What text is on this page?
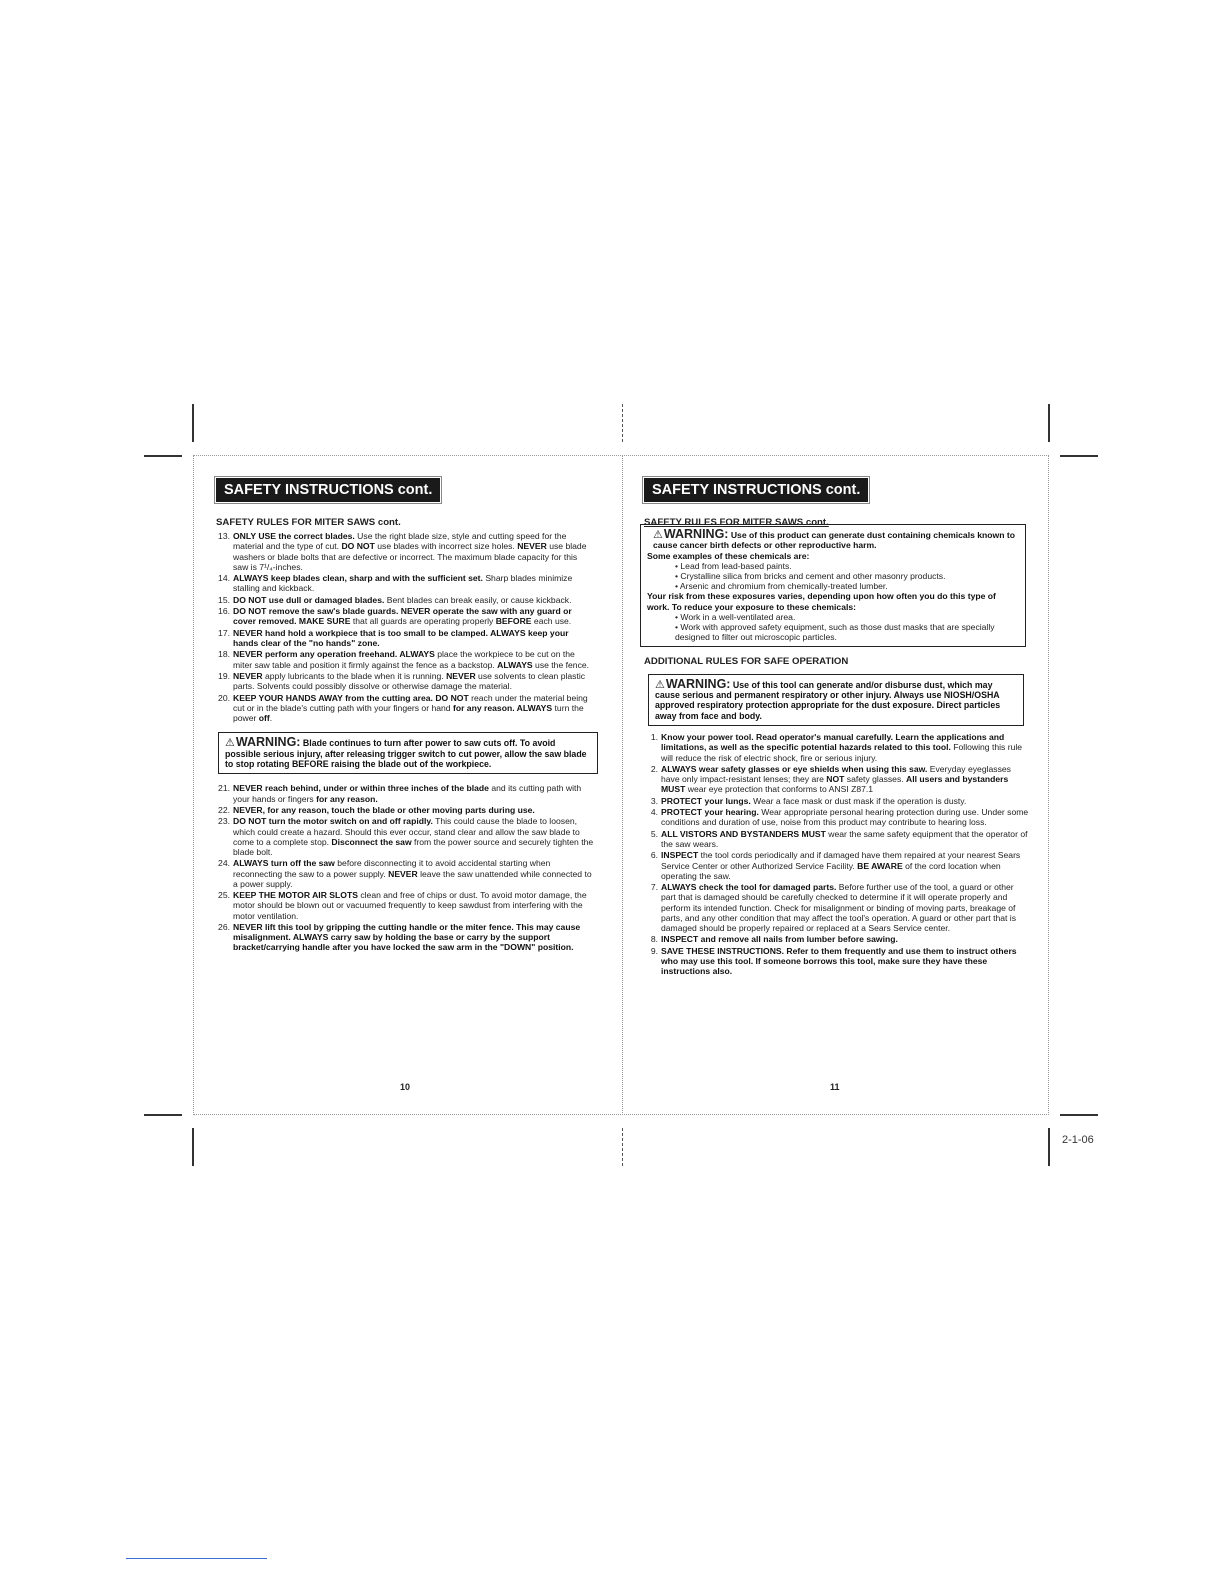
SAFETY INSTRUCTIONS cont.
SAFETY RULES FOR MITER SAWS cont.
13. ONLY USE the correct blades. Use the right blade size, style and cutting speed for the material and the type of cut. DO NOT use blades with incorrect size holes. NEVER use blade washers or blade bolts that are defective or incorrect. The maximum blade capacity for this saw is 7¹/₄-inches.
14. ALWAYS keep blades clean, sharp and with the sufficient set. Sharp blades minimize stalling and kickback.
15. DO NOT use dull or damaged blades. Bent blades can break easily, or cause kickback.
16. DO NOT remove the saw's blade guards. NEVER operate the saw with any guard or cover removed. MAKE SURE that all guards are operating properly BEFORE each use.
17. NEVER hand hold a workpiece that is too small to be clamped. ALWAYS keep your hands clear of the "no hands" zone.
18. NEVER perform any operation freehand. ALWAYS place the workpiece to be cut on the miter saw table and position it firmly against the fence as a backstop. ALWAYS use the fence.
19. NEVER apply lubricants to the blade when it is running. NEVER use solvents to clean plastic parts. Solvents could possibly dissolve or otherwise damage the material.
20. KEEP YOUR HANDS AWAY from the cutting area. DO NOT reach under the material being cut or in the blade's cutting path with your fingers or hand for any reason. ALWAYS turn the power off.
⚠WARNING: Blade continues to turn after power to saw cuts off. To avoid possible serious injury, after releasing trigger switch to cut power, allow the saw blade to stop rotating BEFORE raising the blade out of the workpiece.
21. NEVER reach behind, under or within three inches of the blade and its cutting path with your hands or fingers for any reason.
22. NEVER, for any reason, touch the blade or other moving parts during use.
23. DO NOT turn the motor switch on and off rapidly. This could cause the blade to loosen, which could create a hazard. Should this ever occur, stand clear and allow the saw blade to come to a complete stop. Disconnect the saw from the power source and securely tighten the blade bolt.
24. ALWAYS turn off the saw before disconnecting it to avoid accidental starting when reconnecting the saw to a power supply. NEVER leave the saw unattended while connected to a power supply.
25. KEEP THE MOTOR AIR SLOTS clean and free of chips or dust. To avoid motor damage, the motor should be blown out or vacuumed frequently to keep sawdust from interfering with the motor ventilation.
26. NEVER lift this tool by gripping the cutting handle or the miter fence. This may cause misalignment. ALWAYS carry saw by holding the base or carry by the support bracket/carrying handle after you have locked the saw arm in the "DOWN" position.
10
SAFETY INSTRUCTIONS cont.
SAFETY RULES FOR MITER SAWS cont.
⚠WARNING: Use of this product can generate dust containing chemicals known to cause cancer birth defects or other reproductive harm.
Some examples of these chemicals are:
• Lead from lead-based paints.
• Crystalline silica from bricks and cement and other masonry products.
• Arsenic and chromium from chemically-treated lumber.
Your risk from these exposures varies, depending upon how often you do this type of work. To reduce your exposure to these chemicals:
• Work in a well-ventilated area.
• Work with approved safety equipment, such as those dust masks that are specially designed to filter out microscopic particles.
ADDITIONAL RULES FOR SAFE OPERATION
⚠WARNING: Use of this tool can generate and/or disburse dust, which may cause serious and permanent respiratory or other injury. Always use NIOSH/OSHA approved respiratory protection appropriate for the dust exposure. Direct particles away from face and body.
1. Know your power tool. Read operator's manual carefully. Learn the applications and limitations, as well as the specific potential hazards related to this tool. Following this rule will reduce the risk of electric shock, fire or serious injury.
2. ALWAYS wear safety glasses or eye shields when using this saw. Everyday eyeglasses have only impact-resistant lenses; they are NOT safety glasses. All users and bystanders MUST wear eye protection that conforms to ANSI Z87.1
3. PROTECT your lungs. Wear a face mask or dust mask if the operation is dusty.
4. PROTECT your hearing. Wear appropriate personal hearing protection during use. Under some conditions and duration of use, noise from this product may contribute to hearing loss.
5. ALL VISTORS AND BYSTANDERS MUST wear the same safety equipment that the operator of the saw wears.
6. INSPECT the tool cords periodically and if damaged have them repaired at your nearest Sears Service Center or other Authorized Service Facility. BE AWARE of the cord location when operating the saw.
7. ALWAYS check the tool for damaged parts. Before further use of the tool, a guard or other part that is damaged should be carefully checked to determine if it will operate properly and perform its intended function. Check for misalignment or binding of moving parts, breakage of parts, and any other condition that may affect the tool's operation. A guard or other part that is damaged should be properly repaired or replaced at a Sears Service center.
8. INSPECT and remove all nails from lumber before sawing.
9. SAVE THESE INSTRUCTIONS. Refer to them frequently and use them to instruct others who may use this tool. If someone borrows this tool, make sure they have these instructions also.
11
2-1-06
